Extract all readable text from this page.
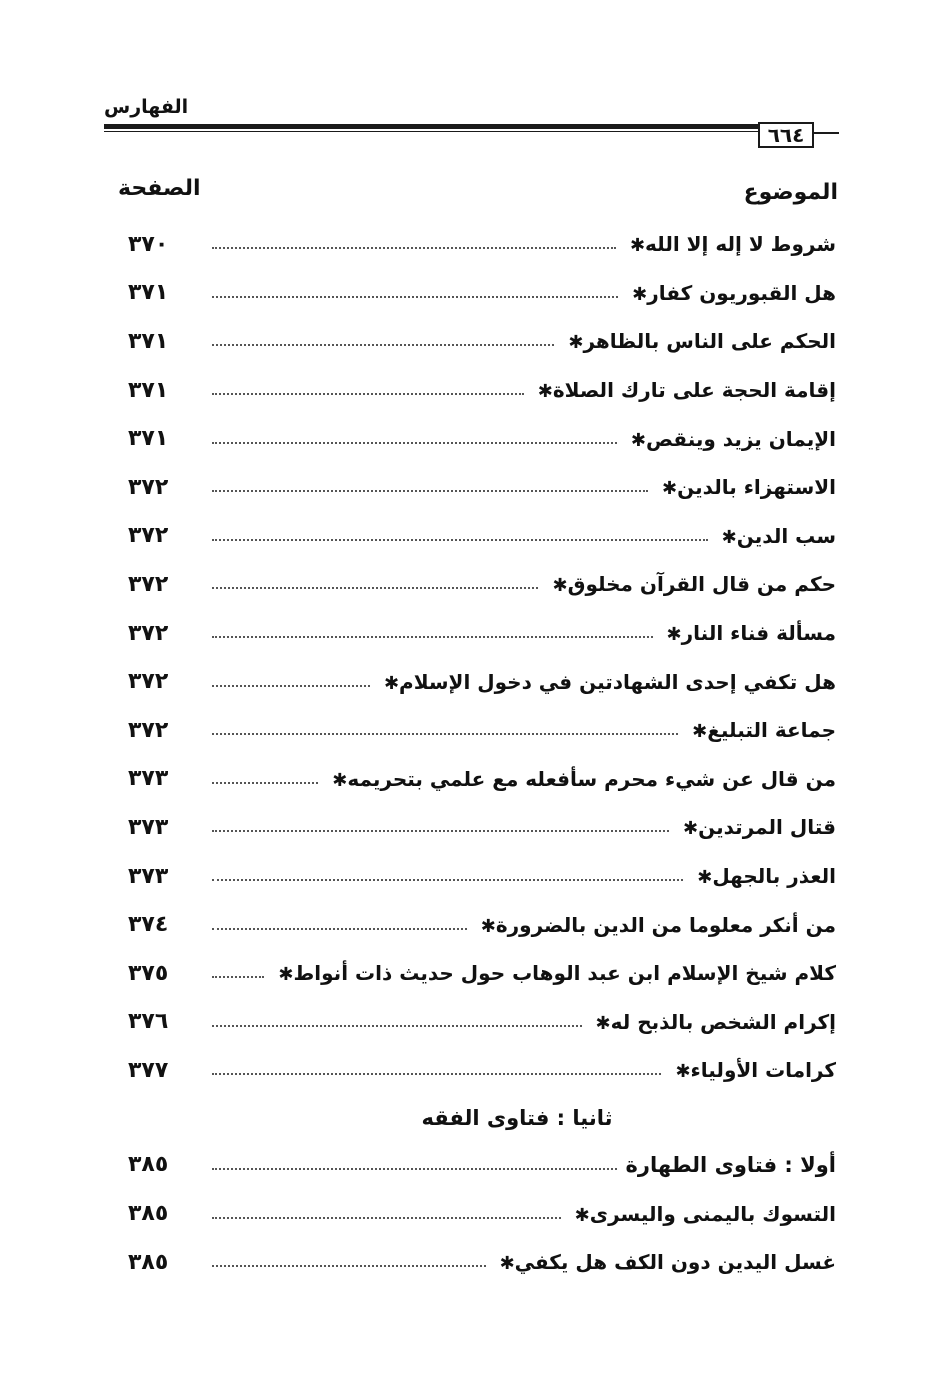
الفهارس
٦٦٤
الموضوع
الصفحة
٣٧٠	شروط لا إله إلا الله✱
٣٧١	هل القبوريون كفار✱
٣٧١	الحكم على الناس بالظاهر✱
٣٧١	إقامة الحجة على تارك الصلاة✱
٣٧١	الإيمان يزيد وينقص✱
٣٧٢	الاستهزاء بالدين✱
٣٧٢	سب الدين✱
٣٧٢	حكم من قال القرآن مخلوق✱
٣٧٢	مسألة فناء النار✱
٣٧٢	هل تكفي إحدى الشهادتين في دخول الإسلام✱
٣٧٢	جماعة التبليغ✱
٣٧٣	من قال عن شيء محرم سأفعله مع علمي بتحريمه✱
٣٧٣	قتال المرتدين✱
٣٧٣	العذر بالجهل✱
٣٧٤	من أنكر معلوما من الدين بالضرورة✱
٣٧٥	كلام شيخ الإسلام ابن عبد الوهاب حول حديث ذات أنواط✱
٣٧٦	إكرام الشخص بالذبح له✱
٣٧٧	كرامات الأولياء✱
ثانيا : فتاوى الفقه
٣٨٥	أولا : فتاوى الطهارة
٣٨٥	التسوك باليمنى واليسرى✱
٣٨٥	غسل اليدين دون الكف هل يكفي✱
